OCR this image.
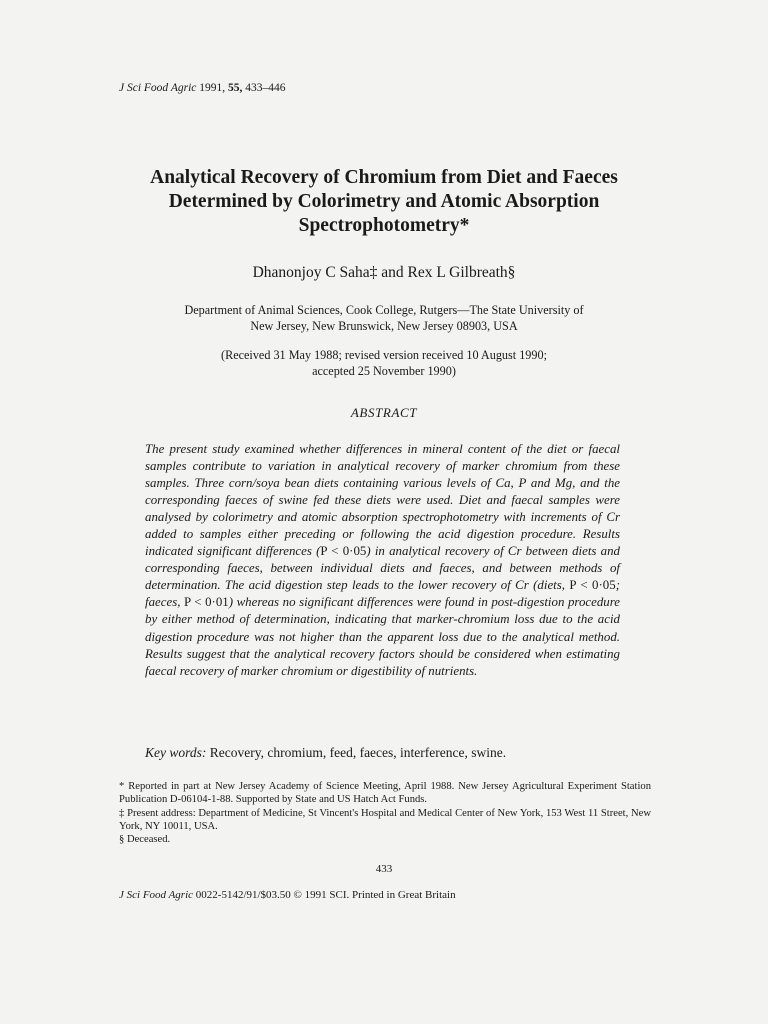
J Sci Food Agric 1991, 55, 433–446
Analytical Recovery of Chromium from Diet and Faeces
Determined by Colorimetry and Atomic Absorption
Spectrophotometry*
Dhanonjoy C Saha‡ and Rex L Gilbreath§
Department of Animal Sciences, Cook College, Rutgers—The State University of
New Jersey, New Brunswick, New Jersey 08903, USA
(Received 31 May 1988; revised version received 10 August 1990;
accepted 25 November 1990)
ABSTRACT
The present study examined whether differences in mineral content of the diet or faecal samples contribute to variation in analytical recovery of marker chromium from these samples. Three corn/soya bean diets containing various levels of Ca, P and Mg, and the corresponding faeces of swine fed these diets were used. Diet and faecal samples were analysed by colorimetry and atomic absorption spectrophotometry with increments of Cr added to samples either preceding or following the acid digestion procedure. Results indicated significant differences (P < 0·05) in analytical recovery of Cr between diets and corresponding faeces, between individual diets and faeces, and between methods of determination. The acid digestion step leads to the lower recovery of Cr (diets, P < 0·05; faeces, P < 0·01) whereas no significant differences were found in post-digestion procedure by either method of determination, indicating that marker-chromium loss due to the acid digestion procedure was not higher than the apparent loss due to the analytical method. Results suggest that the analytical recovery factors should be considered when estimating faecal recovery of marker chromium or digestibility of nutrients.
Key words: Recovery, chromium, feed, faeces, interference, swine.

* Reported in part at New Jersey Academy of Science Meeting, April 1988. New Jersey Agricultural Experiment Station Publication D-06104-1-88. Supported by State and US Hatch Act Funds.

‡ Present address: Department of Medicine, St Vincent's Hospital and Medical Center of New York, 153 West 11 Street, New York, NY 10011, USA.

§ Deceased.

433
J Sci Food Agric 0022-5142/91/$03.50 © 1991 SCI. Printed in Great Britain
